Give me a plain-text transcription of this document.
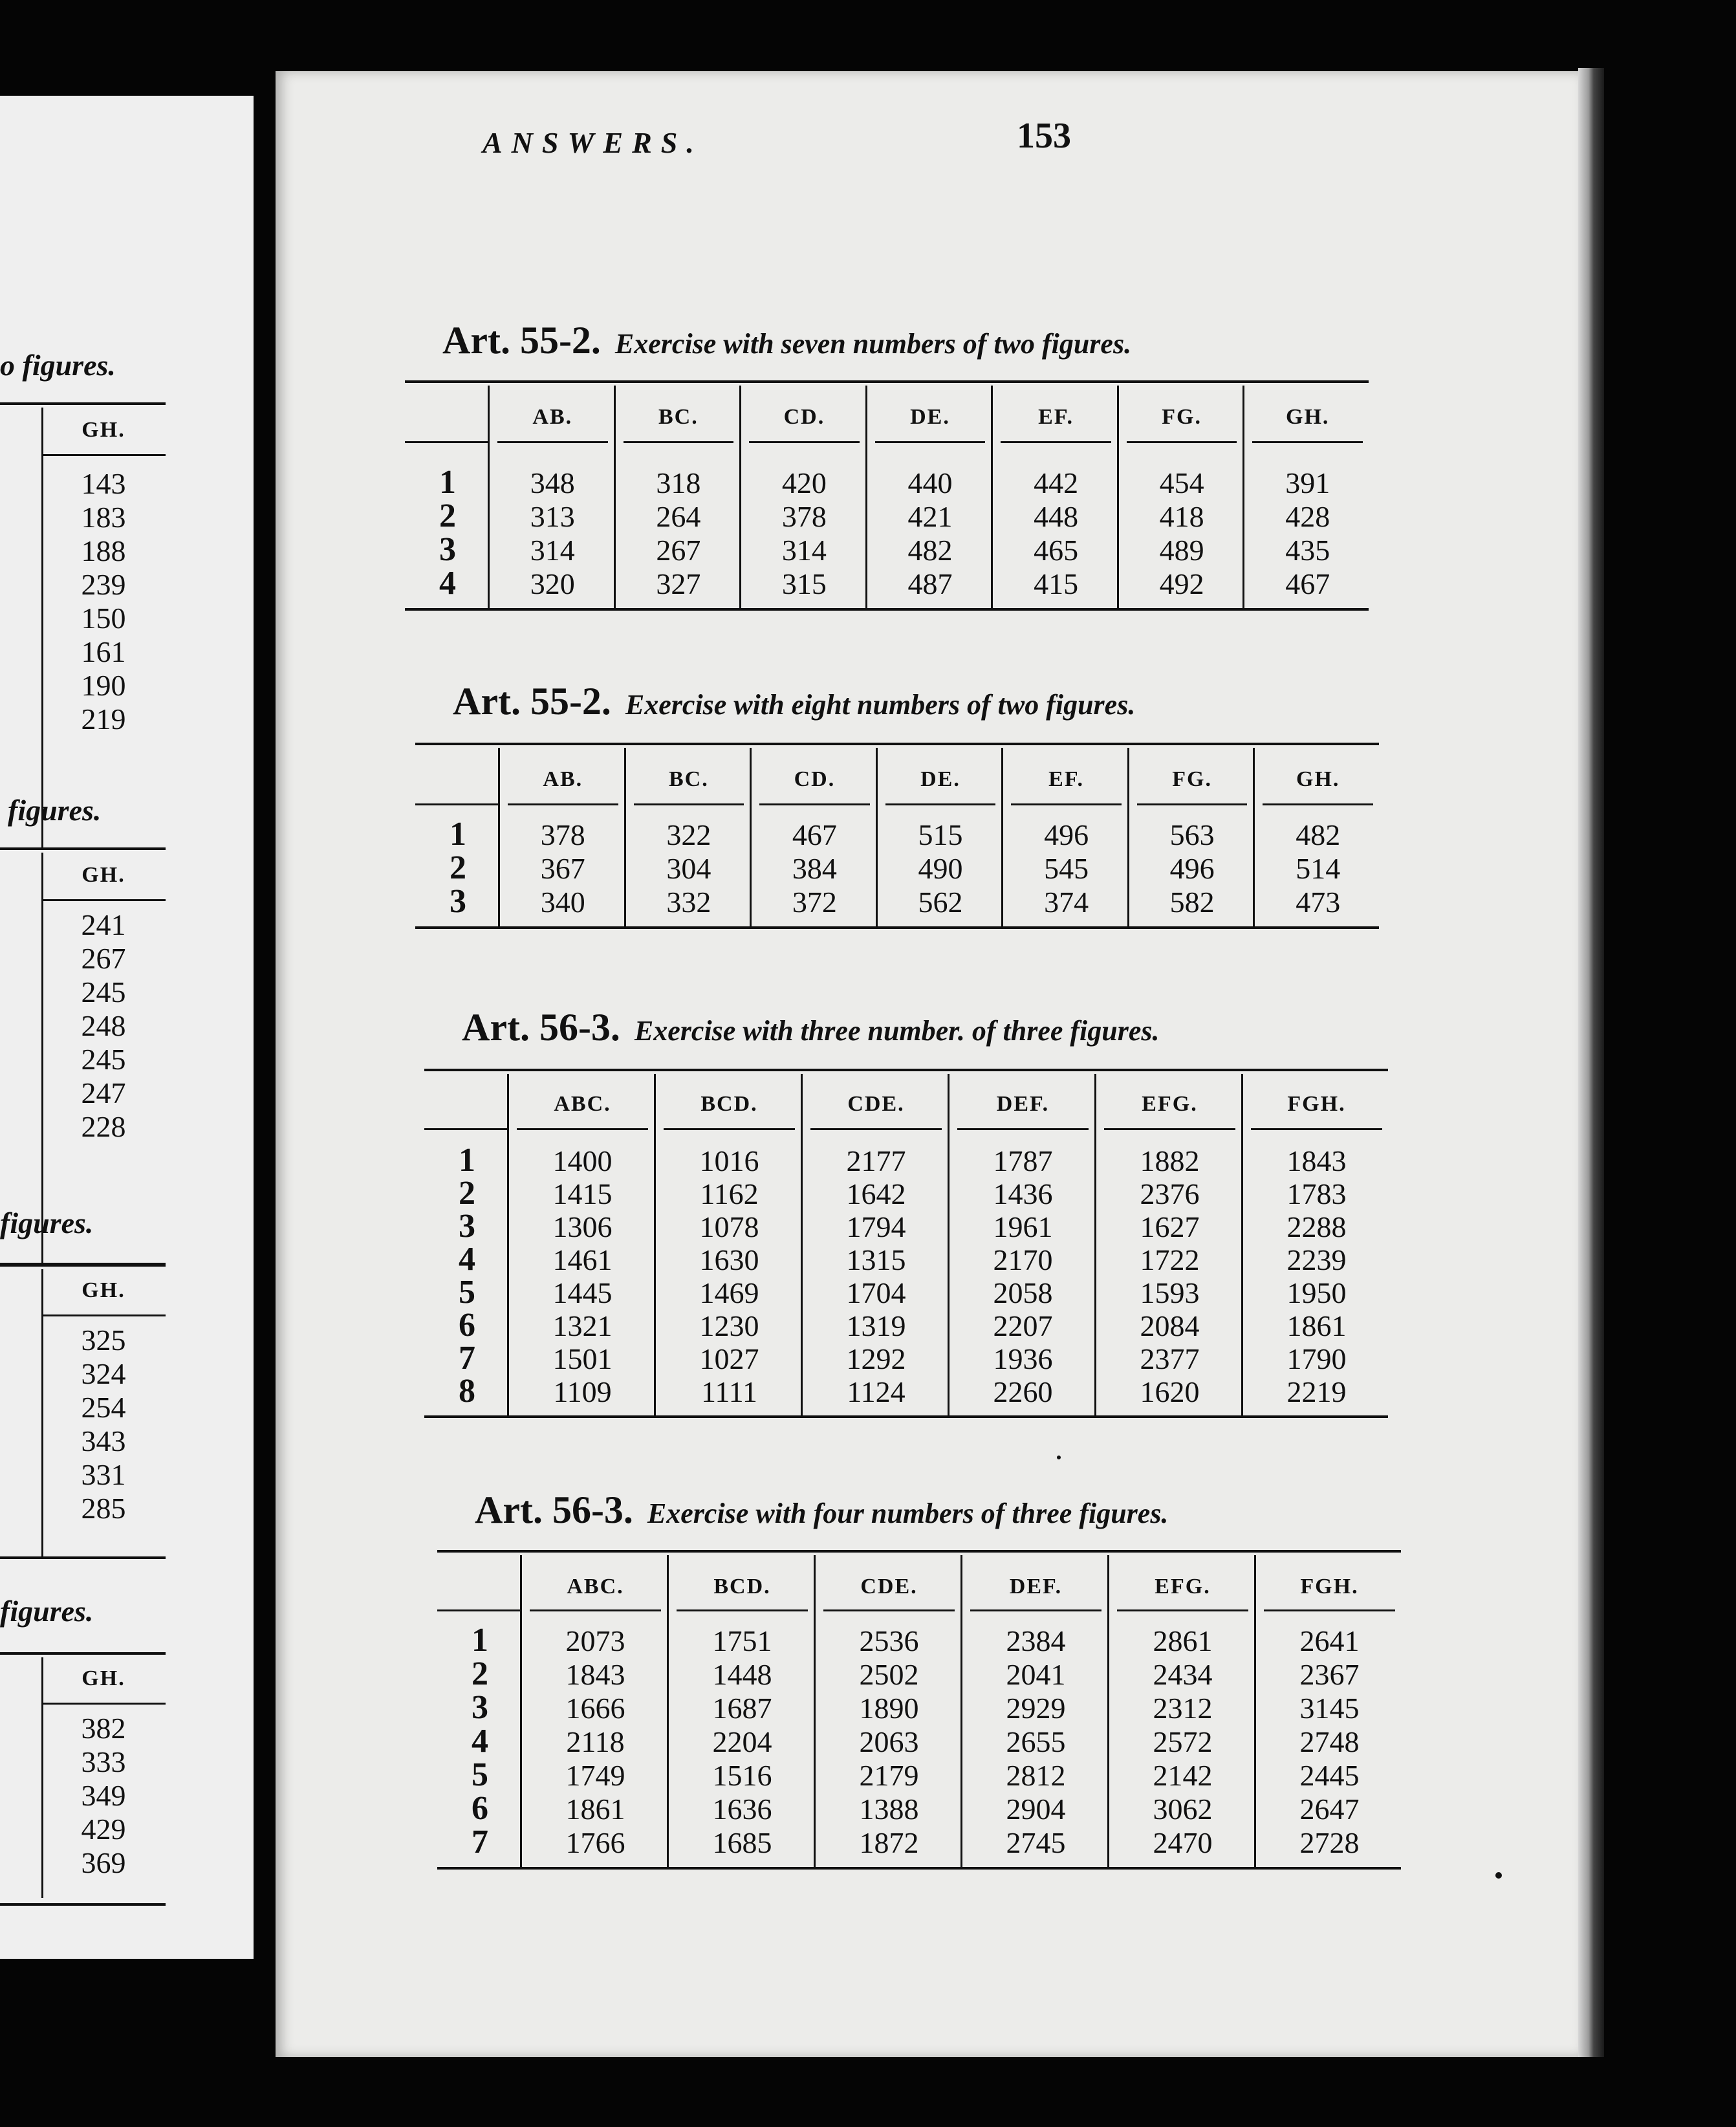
o figures.
GH.
143
183
188
239
150
161
190
219
figures.
GH.
241
267
245
248
245
247
228
figures.
GH.
325
324
254
343
331
285
figures.
GH.
382
333
349
429
369
ANSWERS.	153
Art. 55-2. Exercise with seven numbers of two figures.
AB.
348
313
314
320
BC.
318
264
267
327
CD.
420
378
314
315
DE.
440
421
482
487
EF.
442
448
465
415
FG.
454
418
489
492
GH.
391
428
435
467
1
2
3
4
Art. 55-2. Exercise with eight numbers of two figures.
AB.
378
367
340
BC.
322
304
332
CD.
467
384
372
DE.
515
490
562
EF.
496
545
374
FG.
563
496
582
GH.
482
514
473
1
2
3
Art. 56-3. Exercise with three number. of three figures.
ABC.
1400
1415
1306
1461
1445
1321
1501
1109
BCD.
1016
1162
1078
1630
1469
1230
1027
1111
CDE.
2177
1642
1794
1315
1704
1319
1292
1124
DEF.
1787
1436
1961
2170
2058
2207
1936
2260
EFG.
1882
2376
1627
1722
1593
2084
2377
1620
FGH.
1843
1783
2288
2239
1950
1861
1790
2219
1
2
3
4
5
6
7
8
Art. 56-3. Exercise with four numbers of three figures.
ABC.
2073
1843
1666
2118
1749
1861
1766
BCD.
1751
1448
1687
2204
1516
1636
1685
CDE.
2536
2502
1890
2063
2179
1388
1872
DEF.
2384
2041
2929
2655
2812
2904
2745
EFG.
2861
2434
2312
2572
2142
3062
2470
FGH.
2641
2367
3145
2748
2445
2647
2728
1
2
3
4
5
6
7
